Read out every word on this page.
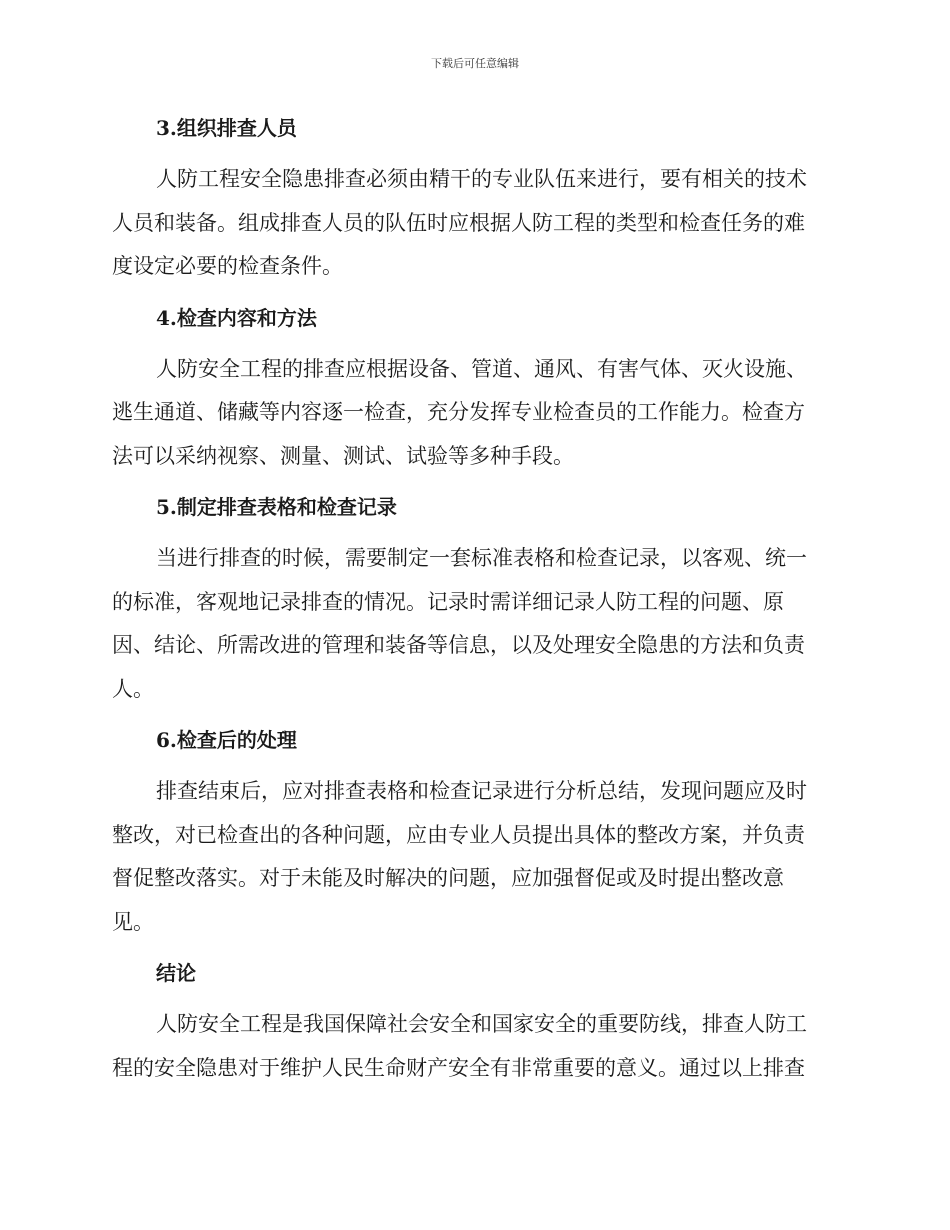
下载后可任意编辑
3.组织排查人员
人防工程安全隐患排查必须由精干的专业队伍来进行，要有相关的技术
人员和装备。组成排查人员的队伍时应根据人防工程的类型和检查任务的难
度设定必要的检查条件。
4.检查内容和方法
人防安全工程的排查应根据设备、管道、通风、有害气体、灭火设施、
逃生通道、储藏等内容逐一检查，充分发挥专业检查员的工作能力。检查方
法可以采纳视察、测量、测试、试验等多种手段。
5.制定排查表格和检查记录
当进行排查的时候，需要制定一套标准表格和检查记录，以客观、统一
的标准，客观地记录排查的情况。记录时需详细记录人防工程的问题、原
因、结论、所需改进的管理和装备等信息，以及处理安全隐患的方法和负责
人。
6.检查后的处理
排查结束后，应对排查表格和检查记录进行分析总结，发现问题应及时
整改，对已检查出的各种问题，应由专业人员提出具体的整改方案，并负责
督促整改落实。对于未能及时解决的问题，应加强督促或及时提出整改意
见。
结论
人防安全工程是我国保障社会安全和国家安全的重要防线，排查人防工
程的安全隐患对于维护人民生命财产安全有非常重要的意义。通过以上排查
